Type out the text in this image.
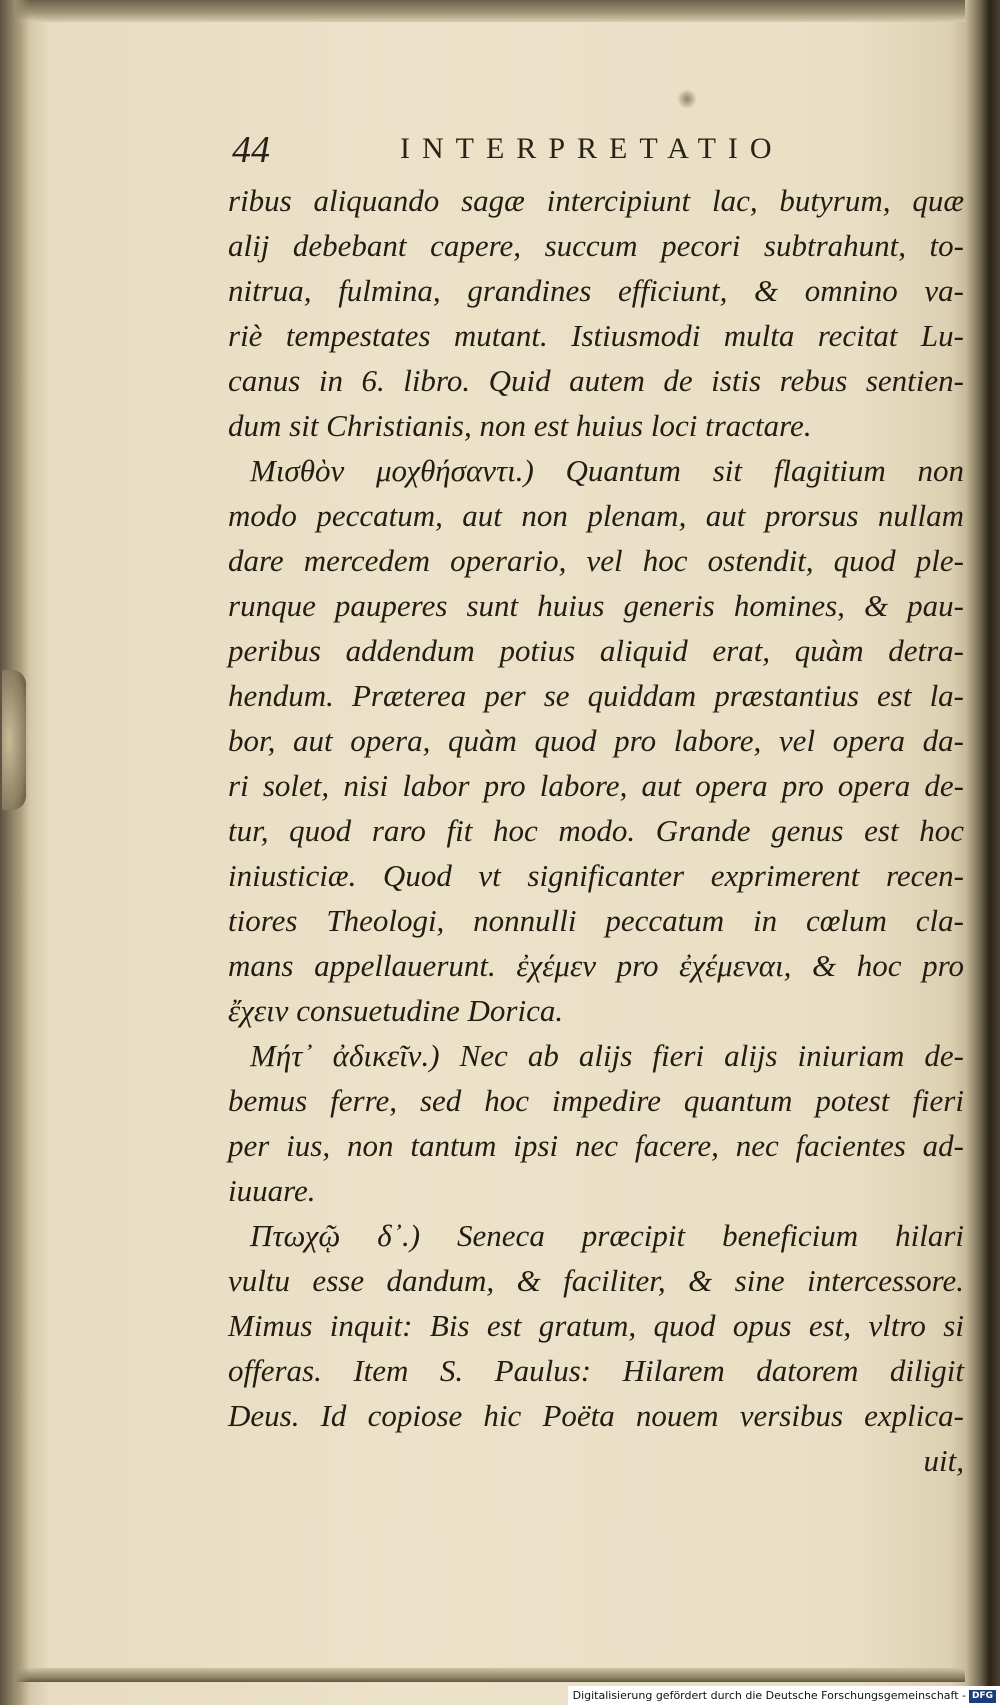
44	INTERPRETATIO
ribus aliquando sagæ intercipiunt lac, butyrum, quæ
alij debebant capere, succum pecori subtrahunt, to-
nitrua, fulmina, grandines efficiunt, & omnino va-
riè tempestates mutant. Istiusmodi multa recitat Lu-
canus in 6. libro. Quid autem de istis rebus sentien-
dum sit Christianis, non est huius loci tractare.
Μισθὸν μοχθήσαντι.) Quantum sit flagitium non
modo peccatum, aut non plenam, aut prorsus nullam
dare mercedem operario, vel hoc ostendit, quod ple-
runque pauperes sunt huius generis homines, & pau-
peribus addendum potius aliquid erat, quàm detra-
hendum. Præterea per se quiddam præstantius est la-
bor, aut opera, quàm quod pro labore, vel opera da-
ri solet, nisi labor pro labore, aut opera pro opera de-
tur, quod raro fit hoc modo. Grande genus est hoc
iniusticiæ. Quod vt significanter exprimerent recen-
tiores Theologi, nonnulli peccatum in cœlum cla-
mans appellauerunt. ἐχέμεν pro ἐχέμεναι, & hoc pro
ἔχειν consuetudine Dorica.
Μήτ᾽ ἀδικεῖν.) Nec ab alijs fieri alijs iniuriam de-
bemus ferre, sed hoc impedire quantum potest fieri
per ius, non tantum ipsi nec facere, nec facientes ad-
iuuare.
Πτωχῷ δ᾽.) Seneca præcipit beneficium hilari
vultu esse dandum, & faciliter, & sine intercessore.
Mimus inquit: Bis est gratum, quod opus est, vltro si
offeras. Item S. Paulus: Hilarem datorem diligit
Deus. Id copiose hic Poëta nouem versibus explica-
uit,
Digitalisierung gefördert durch die Deutsche Forschungsgemeinschaft - DFG
